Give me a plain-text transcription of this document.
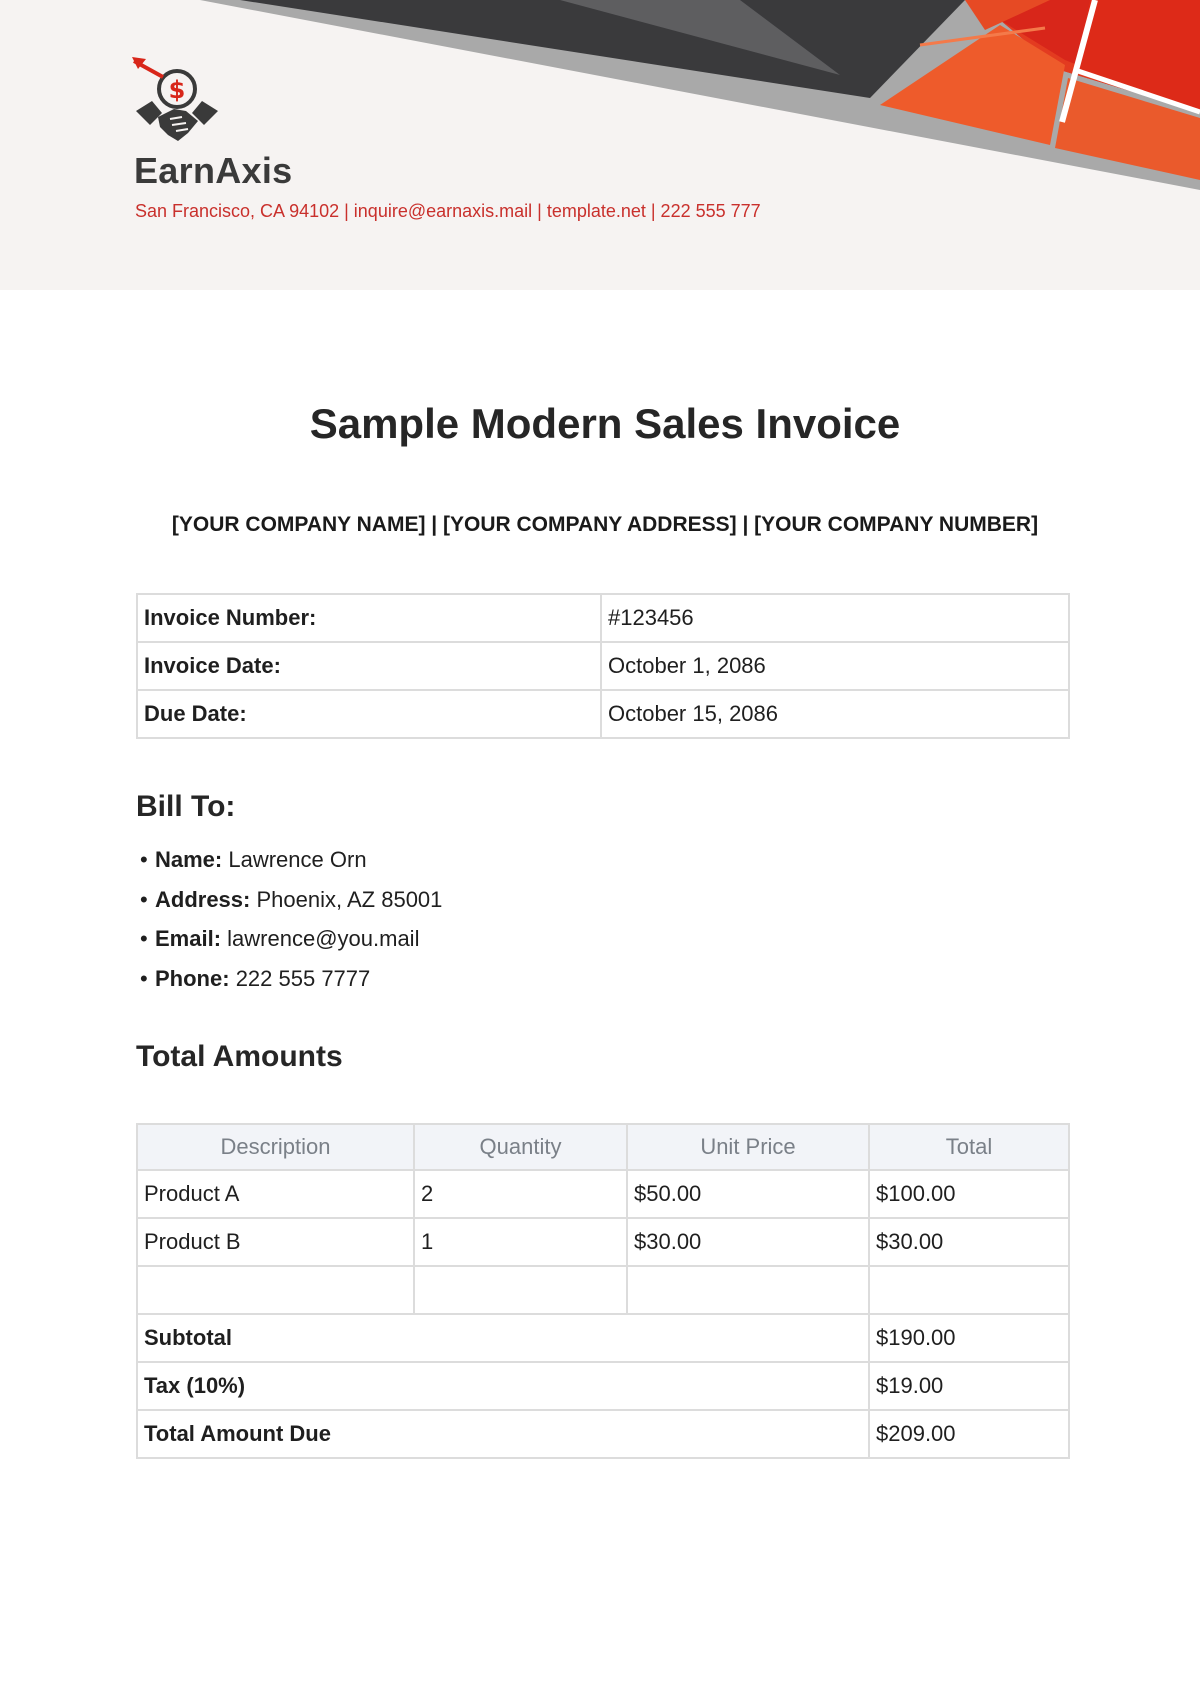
$
EarnAxis
San Francisco, CA 94102 | inquire@earnaxis.mail | template.net | 222 555 777
Sample Modern Sales Invoice
[YOUR COMPANY NAME] | [YOUR COMPANY ADDRESS] | [YOUR COMPANY NUMBER]
Invoice Number:	#123456
Invoice Date:	October 1, 2086
Due Date:	October 15, 2086
Bill To:
• Name: Lawrence Orn
• Address: Phoenix, AZ 85001
• Email: lawrence@you.mail
• Phone: 222 555 7777
Total Amounts
Description	Quantity	Unit Price	Total
Product A	2	$50.00	$100.00
Product B	1	$30.00	$30.00

Subtotal			$190.00
Tax (10%)			$19.00
Total Amount Due			$209.00
